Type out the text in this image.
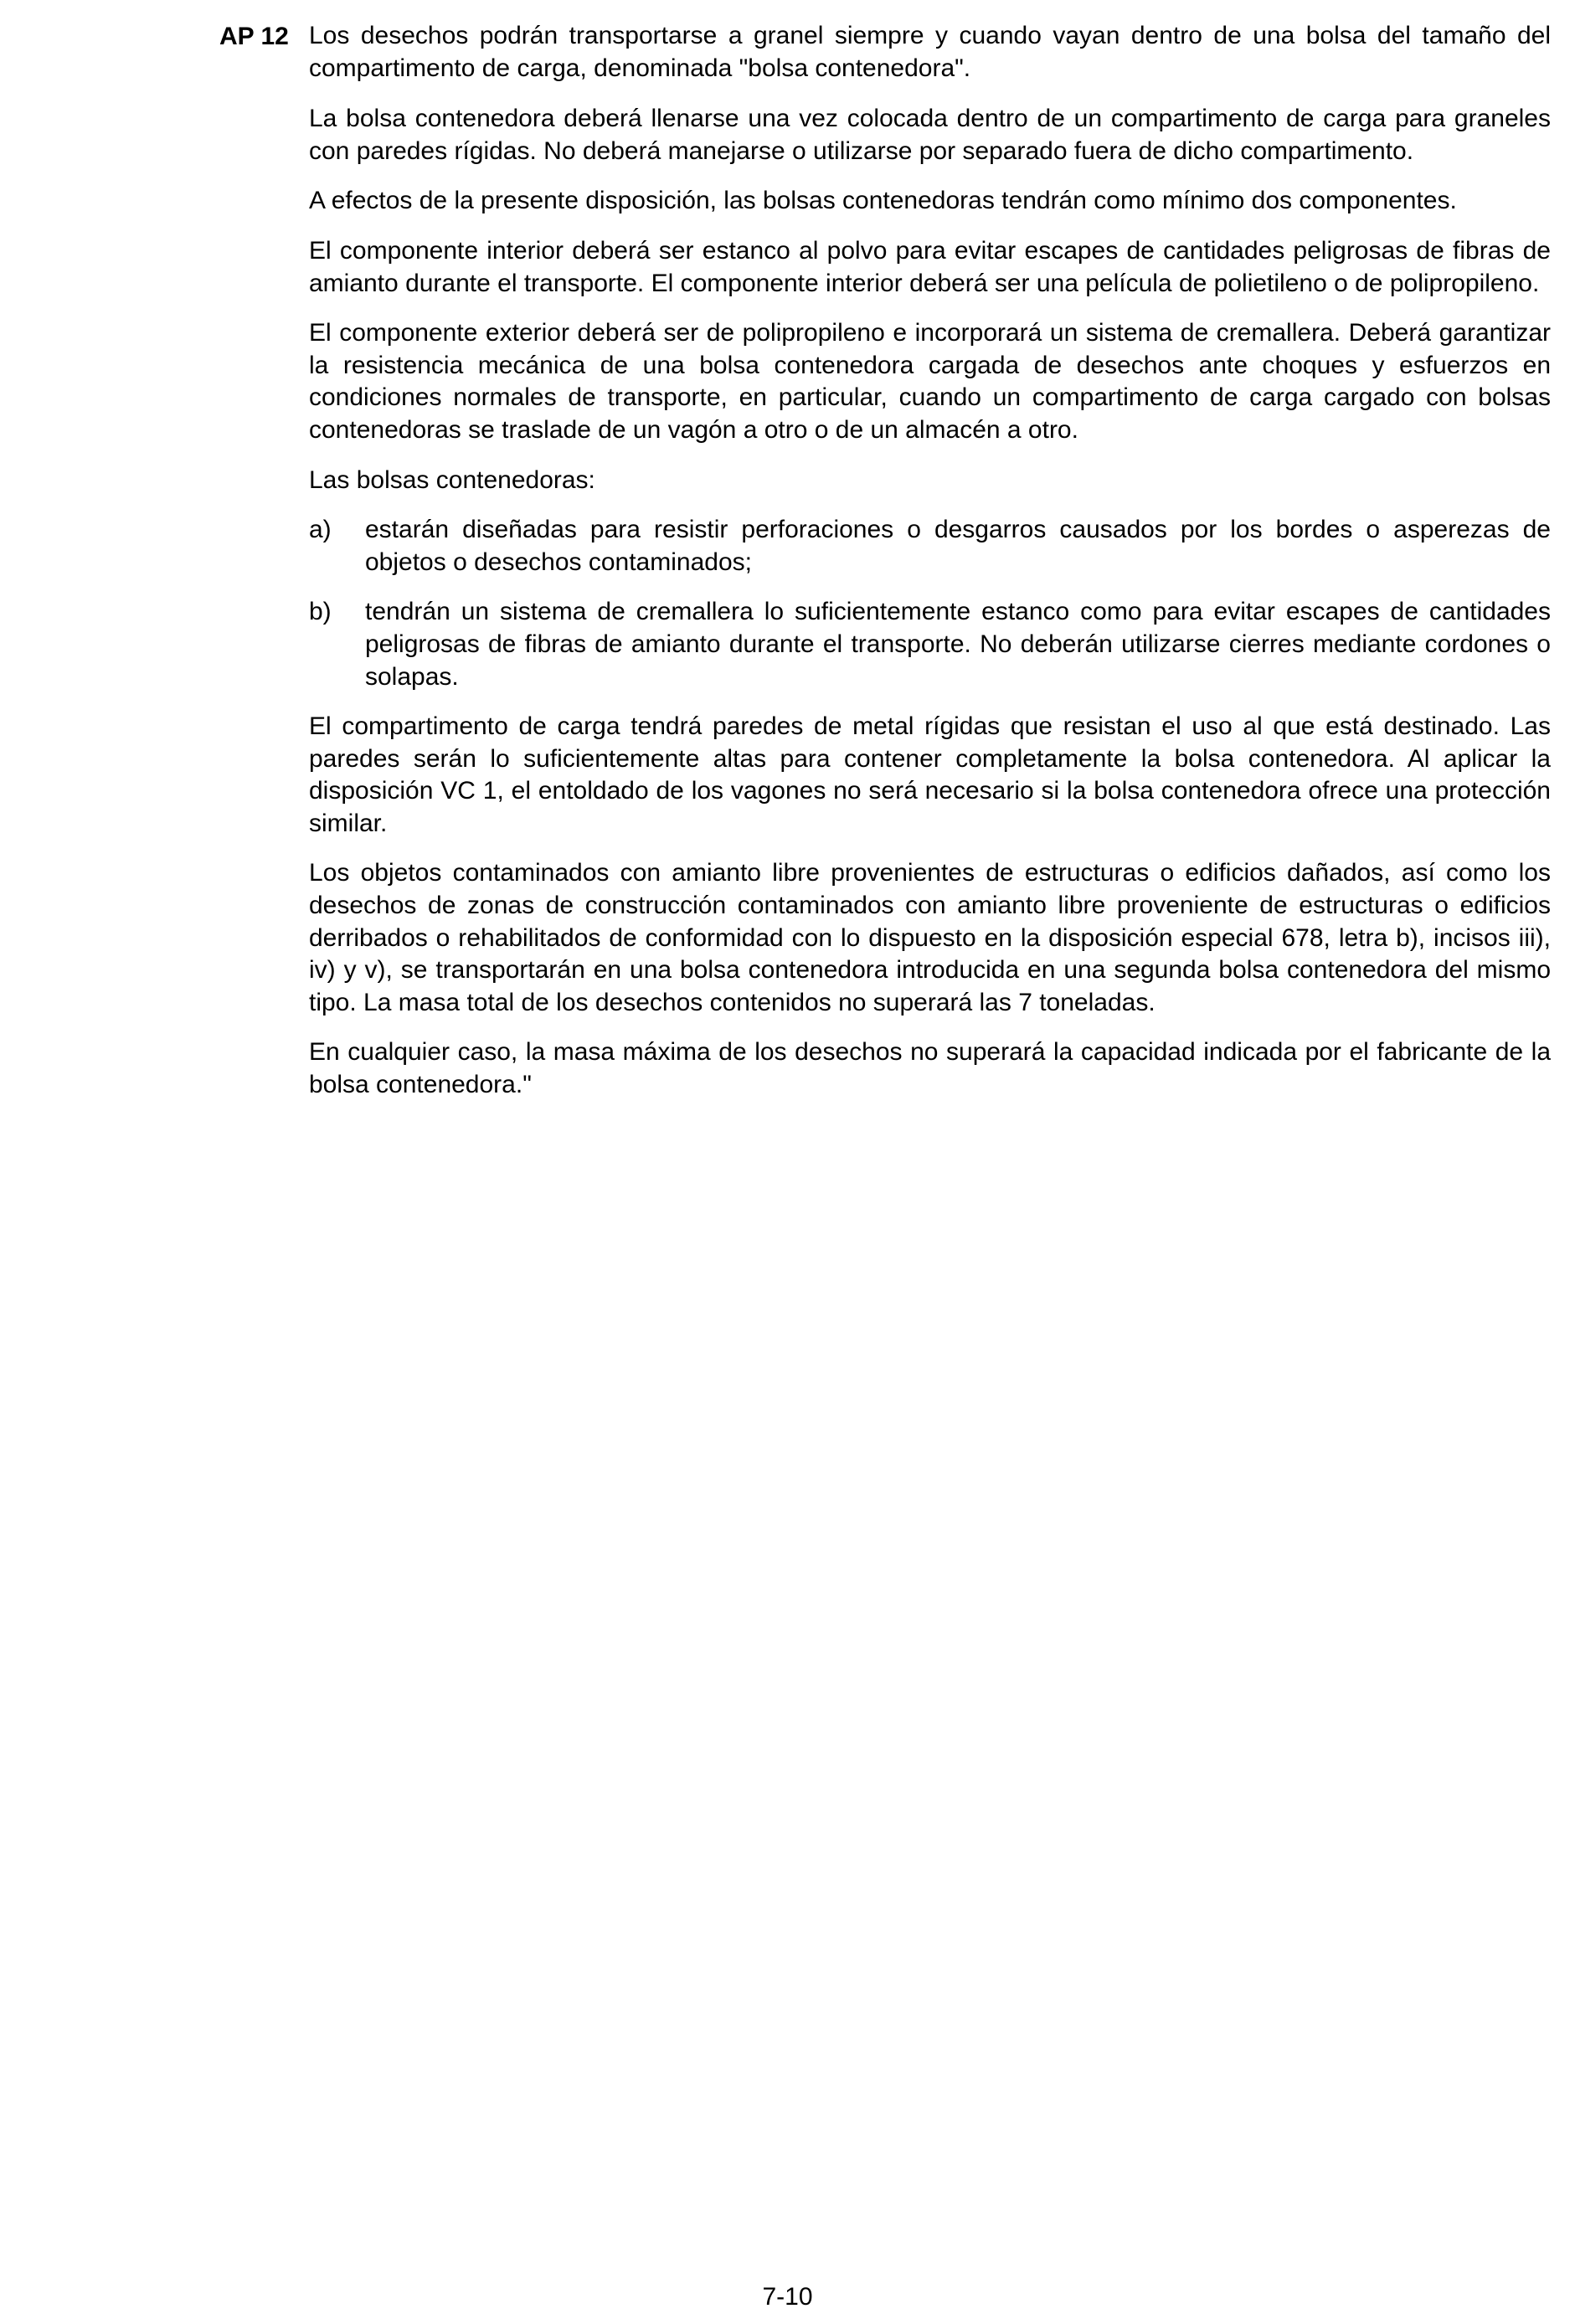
AP 12 Los desechos podrán transportarse a granel siempre y cuando vayan dentro de una bolsa del tamaño del compartimento de carga, denominada "bolsa contenedora".

La bolsa contenedora deberá llenarse una vez colocada dentro de un compartimento de carga para graneles con paredes rígidas. No deberá manejarse o utilizarse por separado fuera de dicho compartimento.

A efectos de la presente disposición, las bolsas contenedoras tendrán como mínimo dos componentes.

El componente interior deberá ser estanco al polvo para evitar escapes de cantidades peligrosas de fibras de amianto durante el transporte. El componente interior deberá ser una película de polietileno o de polipropileno.

El componente exterior deberá ser de polipropileno e incorporará un sistema de cremallera. Deberá garantizar la resistencia mecánica de una bolsa contenedora cargada de desechos ante choques y esfuerzos en condiciones normales de transporte, en particular, cuando un compartimento de carga cargado con bolsas contenedoras se traslade de un vagón a otro o de un almacén a otro.

Las bolsas contenedoras:

a) estarán diseñadas para resistir perforaciones o desgarros causados por los bordes o asperezas de objetos o desechos contaminados;
b) tendrán un sistema de cremallera lo suficientemente estanco como para evitar escapes de cantidades peligrosas de fibras de amianto durante el transporte. No deberán utilizarse cierres mediante cordones o solapas.

El compartimento de carga tendrá paredes de metal rígidas que resistan el uso al que está destinado. Las paredes serán lo suficientemente altas para contener completamente la bolsa contenedora. Al aplicar la disposición VC 1, el entoldado de los vagones no será necesario si la bolsa contenedora ofrece una protección similar.

Los objetos contaminados con amianto libre provenientes de estructuras o edificios dañados, así como los desechos de zonas de construcción contaminados con amianto libre proveniente de estructuras o edificios derribados o rehabilitados de conformidad con lo dispuesto en la disposición especial 678, letra b), incisos iii), iv) y v), se transportarán en una bolsa contenedora introducida en una segunda bolsa contenedora del mismo tipo. La masa total de los desechos contenidos no superará las 7 toneladas.

En cualquier caso, la masa máxima de los desechos no superará la capacidad indicada por el fabricante de la bolsa contenedora."

7-10
